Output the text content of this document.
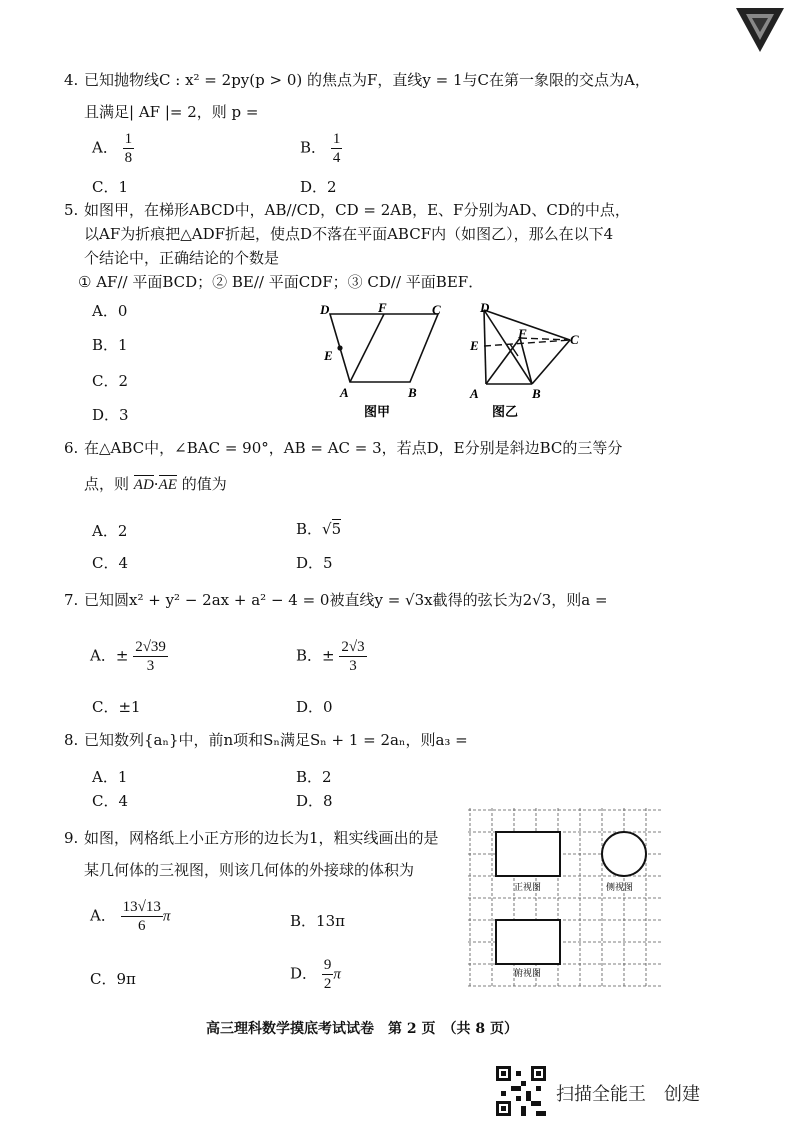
4. 已知抛物线C : x² = 2py(p > 0) 的焦点为F，直线y = 1与C在第一象限的交点为A，
且满足| AF |= 2，则 p =
A． $\frac{1}{8}$	B． $\frac{1}{4}$
C．1	D．2
5. 如图甲，在梯形ABCD中，AB//CD，CD = 2AB，E、F分别为AD、CD的中点，
以AF为折痕把△ADF折起，使点D不落在平面ABCF内（如图乙），那么在以下4
个结论中，正确结论的个数是
① AF// 平面BCD；② BE// 平面CDF；③ CD// 平面BEF．
A．0
B．1
C．2
D．3
D	F	C
E
A	B
图甲
D
F
E	C
A	B
图乙
6. 在△ABC中，∠BAC = 90°，AB = AC = 3，若点D，E分别是斜边BC的三等分
点，则 AD·AE 的值为
A．2	B．√5
C．4	D．5
7. 已知圆x² + y² − 2ax + a² − 4 = 0被直线y = √3x截得的弦长为2√3，则a =
A．± $\frac{2√39}{3}$	B．± $\frac{2√3}{3}$
C．±1	D．0
8. 已知数列{aₙ}中，前n项和Sₙ满足Sₙ + 1 = 2aₙ，则a₃ =
A．1	B．2
C．4	D．8
9. 如图，网格纸上小正方形的边长为1，粗实线画出的是
某几何体的三视图，则该几何体的外接球的体积为
A． $\frac{13√13}{6}$ π	B．13π
C．9π	D． $\frac{9}{2}$ π
正视图	侧视图
俯视图
高三理科数学摸底考试试卷　第 2 页　（共 8 页）
扫描全能王　创建
